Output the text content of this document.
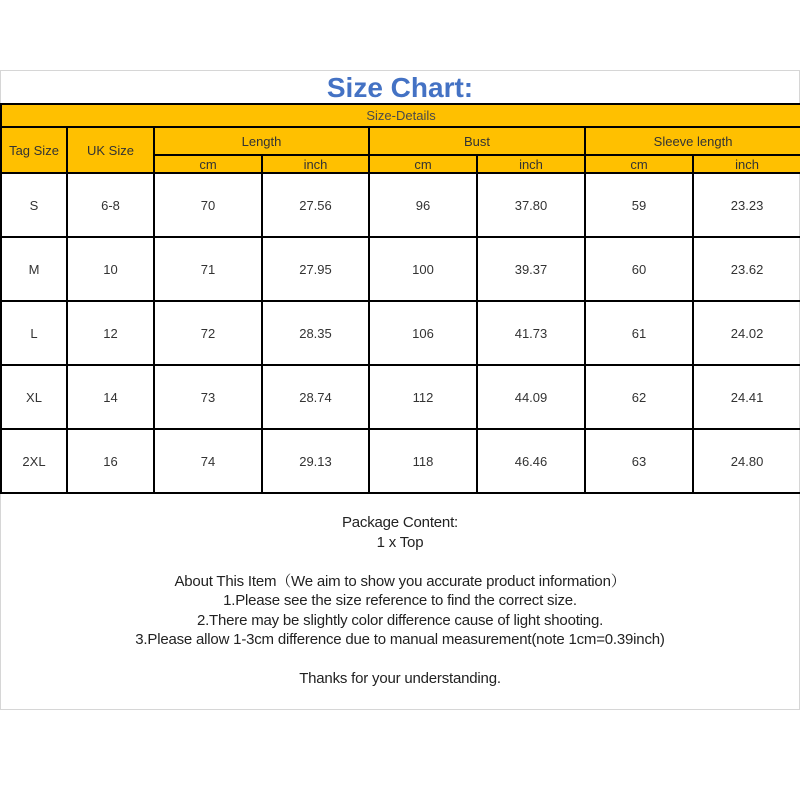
Size Chart:
Size-Details							
Tag Size	UK Size	Length		Bust		Sleeve length	
		cm	inch	cm	inch	cm	inch
S	6-8	70	27.56	96	37.80	59	23.23
M	10	71	27.95	100	39.37	60	23.62
L	12	72	28.35	106	41.73	61	24.02
XL	14	73	28.74	112	44.09	62	24.41
2XL	16	74	29.13	118	46.46	63	24.80
Package Content:
1 x Top
About This Item（We aim to show you accurate product information）
1.Please see the size reference to find the correct size.
2.There may be slightly color difference cause of light shooting.
3.Please allow 1-3cm difference due to manual measurement(note 1cm=0.39inch)
Thanks for your understanding.
